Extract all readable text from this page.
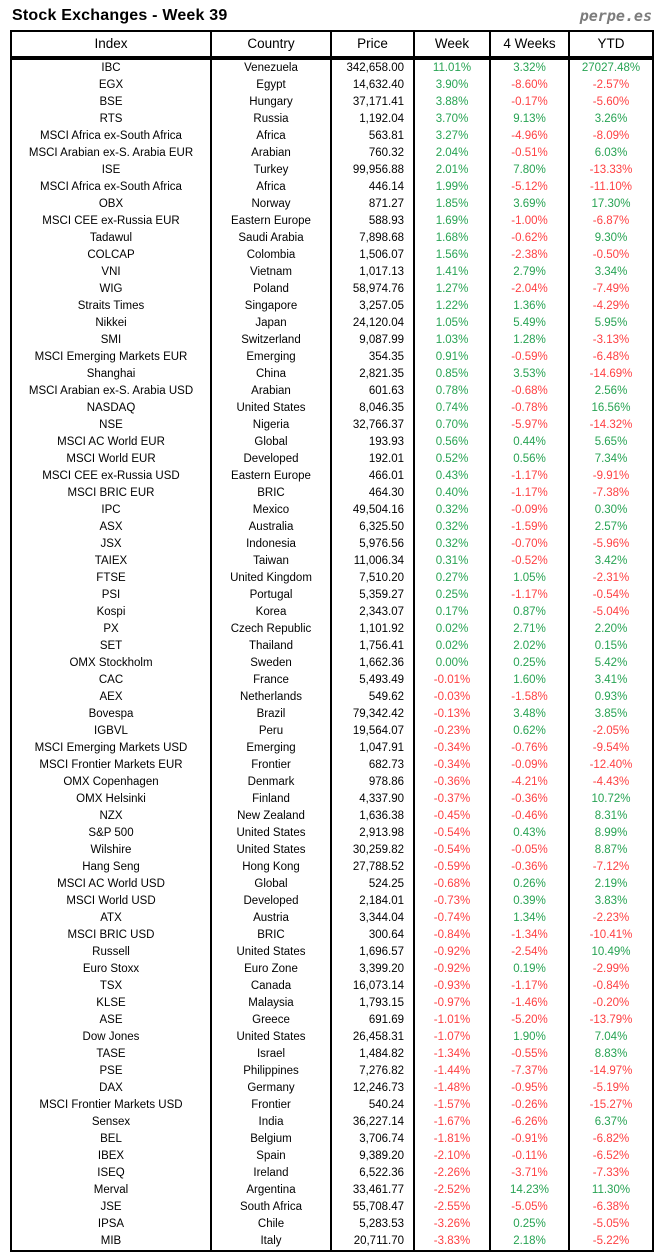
Stock Exchanges - Week 39	perpe.es
Index	Country	Price	Week	4 Weeks	YTD
IBC	Venezuela	342,658.00	11.01%	3.32%	27027.48%
EGX	Egypt	14,632.40	3.90%	-8.60%	-2.57%
BSE	Hungary	37,171.41	3.88%	-0.17%	-5.60%
RTS	Russia	1,192.04	3.70%	9.13%	3.26%
MSCI Africa ex-South Africa	Africa	563.81	3.27%	-4.96%	-8.09%
MSCI Arabian ex-S. Arabia EUR	Arabian	760.32	2.04%	-0.51%	6.03%
ISE	Turkey	99,956.88	2.01%	7.80%	-13.33%
MSCI Africa ex-South Africa	Africa	446.14	1.99%	-5.12%	-11.10%
OBX	Norway	871.27	1.85%	3.69%	17.30%
MSCI CEE ex-Russia EUR	Eastern Europe	588.93	1.69%	-1.00%	-6.87%
Tadawul	Saudi Arabia	7,898.68	1.68%	-0.62%	9.30%
COLCAP	Colombia	1,506.07	1.56%	-2.38%	-0.50%
VNI	Vietnam	1,017.13	1.41%	2.79%	3.34%
WIG	Poland	58,974.76	1.27%	-2.04%	-7.49%
Straits Times	Singapore	3,257.05	1.22%	1.36%	-4.29%
Nikkei	Japan	24,120.04	1.05%	5.49%	5.95%
SMI	Switzerland	9,087.99	1.03%	1.28%	-3.13%
MSCI Emerging Markets EUR	Emerging	354.35	0.91%	-0.59%	-6.48%
Shanghai	China	2,821.35	0.85%	3.53%	-14.69%
MSCI Arabian ex-S. Arabia USD	Arabian	601.63	0.78%	-0.68%	2.56%
NASDAQ	United States	8,046.35	0.74%	-0.78%	16.56%
NSE	Nigeria	32,766.37	0.70%	-5.97%	-14.32%
MSCI AC World EUR	Global	193.93	0.56%	0.44%	5.65%
MSCI World EUR	Developed	192.01	0.52%	0.56%	7.34%
MSCI CEE ex-Russia USD	Eastern Europe	466.01	0.43%	-1.17%	-9.91%
MSCI BRIC EUR	BRIC	464.30	0.40%	-1.17%	-7.38%
IPC	Mexico	49,504.16	0.32%	-0.09%	0.30%
ASX	Australia	6,325.50	0.32%	-1.59%	2.57%
JSX	Indonesia	5,976.56	0.32%	-0.70%	-5.96%
TAIEX	Taiwan	11,006.34	0.31%	-0.52%	3.42%
FTSE	United Kingdom	7,510.20	0.27%	1.05%	-2.31%
PSI	Portugal	5,359.27	0.25%	-1.17%	-0.54%
Kospi	Korea	2,343.07	0.17%	0.87%	-5.04%
PX	Czech Republic	1,101.92	0.02%	2.71%	2.20%
SET	Thailand	1,756.41	0.02%	2.02%	0.15%
OMX Stockholm	Sweden	1,662.36	0.00%	0.25%	5.42%
CAC	France	5,493.49	-0.01%	1.60%	3.41%
AEX	Netherlands	549.62	-0.03%	-1.58%	0.93%
Bovespa	Brazil	79,342.42	-0.13%	3.48%	3.85%
IGBVL	Peru	19,564.07	-0.23%	0.62%	-2.05%
MSCI Emerging Markets USD	Emerging	1,047.91	-0.34%	-0.76%	-9.54%
MSCI Frontier Markets EUR	Frontier	682.73	-0.34%	-0.09%	-12.40%
OMX Copenhagen	Denmark	978.86	-0.36%	-4.21%	-4.43%
OMX Helsinki	Finland	4,337.90	-0.37%	-0.36%	10.72%
NZX	New Zealand	1,636.38	-0.45%	-0.46%	8.31%
S&P 500	United States	2,913.98	-0.54%	0.43%	8.99%
Wilshire	United States	30,259.82	-0.54%	-0.05%	8.87%
Hang Seng	Hong Kong	27,788.52	-0.59%	-0.36%	-7.12%
MSCI AC World USD	Global	524.25	-0.68%	0.26%	2.19%
MSCI World USD	Developed	2,184.01	-0.73%	0.39%	3.83%
ATX	Austria	3,344.04	-0.74%	1.34%	-2.23%
MSCI BRIC USD	BRIC	300.64	-0.84%	-1.34%	-10.41%
Russell	United States	1,696.57	-0.92%	-2.54%	10.49%
Euro Stoxx	Euro Zone	3,399.20	-0.92%	0.19%	-2.99%
TSX	Canada	16,073.14	-0.93%	-1.17%	-0.84%
KLSE	Malaysia	1,793.15	-0.97%	-1.46%	-0.20%
ASE	Greece	691.69	-1.01%	-5.20%	-13.79%
Dow Jones	United States	26,458.31	-1.07%	1.90%	7.04%
TASE	Israel	1,484.82	-1.34%	-0.55%	8.83%
PSE	Philippines	7,276.82	-1.44%	-7.37%	-14.97%
DAX	Germany	12,246.73	-1.48%	-0.95%	-5.19%
MSCI Frontier Markets USD	Frontier	540.24	-1.57%	-0.26%	-15.27%
Sensex	India	36,227.14	-1.67%	-6.26%	6.37%
BEL	Belgium	3,706.74	-1.81%	-0.91%	-6.82%
IBEX	Spain	9,389.20	-2.10%	-0.11%	-6.52%
ISEQ	Ireland	6,522.36	-2.26%	-3.71%	-7.33%
Merval	Argentina	33,461.77	-2.52%	14.23%	11.30%
JSE	South Africa	55,708.47	-2.55%	-5.05%	-6.38%
IPSA	Chile	5,283.53	-3.26%	0.25%	-5.05%
MIB	Italy	20,711.70	-3.83%	2.18%	-5.22%
